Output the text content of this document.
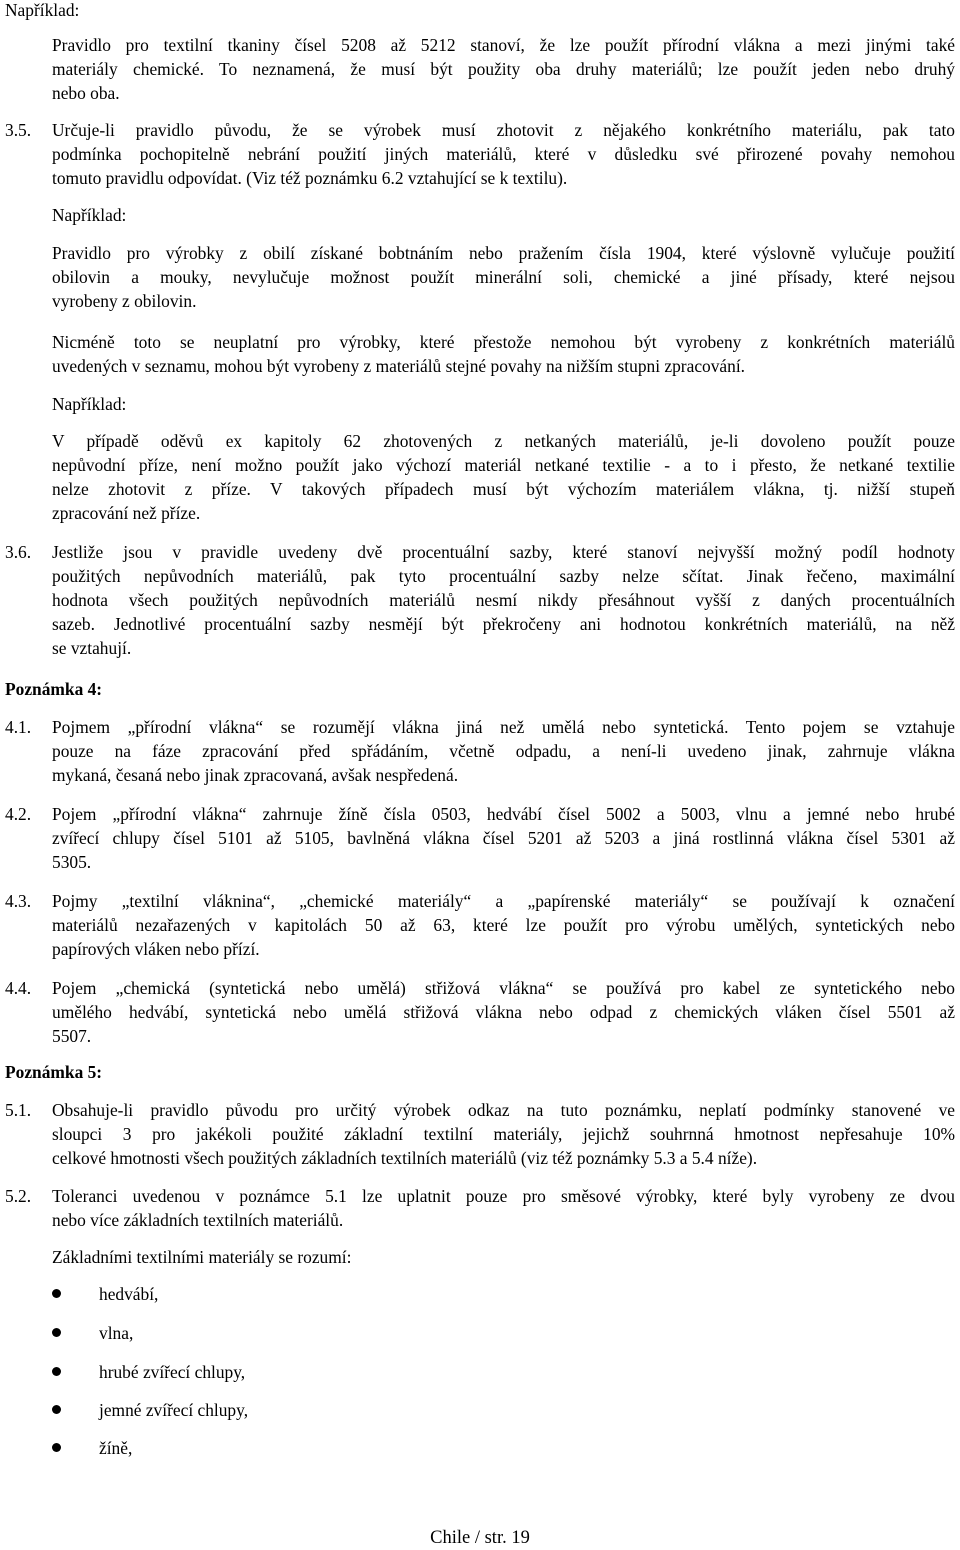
Například:
Pravidlo pro textilní tkaniny čísel 5208 až 5212 stanoví, že lze použít přírodní vlákna a mezi jinými také
materiály chemické. To neznamená, že musí být použity oba druhy materiálů; lze použít jeden nebo druhý
nebo oba.
3.5. Určuje-li pravidlo původu, že se výrobek musí zhotovit z nějakého konkrétního materiálu, pak tato
podmínka pochopitelně nebrání použití jiných materiálů, které v důsledku své přirozené povahy nemohou
tomuto pravidlu odpovídat. (Viz též poznámku 6.2 vztahující se k textilu).
Například:
Pravidlo pro výrobky z obilí získané bobtnáním nebo pražením čísla 1904, které výslovně vylučuje použití
obilovin a mouky, nevylučuje možnost použít minerální soli, chemické a jiné přísady, které nejsou
vyrobeny z obilovin.
Nicméně toto se neuplatní pro výrobky, které přestože nemohou být vyrobeny z konkrétních materiálů
uvedených v seznamu, mohou být vyrobeny z materiálů stejné povahy na nižším stupni zpracování.
Například:
V případě oděvů ex kapitoly 62 zhotovených z netkaných materiálů, je-li dovoleno použít pouze
nepůvodní příze, není možno použít jako výchozí materiál netkané textilie - a to i přesto, že netkané textilie
nelze zhotovit z příze. V takových případech musí být výchozím materiálem vlákna, tj. nižší stupeň
zpracování než příze.
3.6. Jestliže jsou v pravidle uvedeny dvě procentuální sazby, které stanoví nejvyšší možný podíl hodnoty
použitých nepůvodních materiálů, pak tyto procentuální sazby nelze sčítat. Jinak řečeno, maximální
hodnota všech použitých nepůvodních materiálů nesmí nikdy přesáhnout vyšší z daných procentuálních
sazeb. Jednotlivé procentuální sazby nesmějí být překročeny ani hodnotou konkrétních materiálů, na něž
se vztahují.
Poznámka 4:
4.1. Pojmem „přírodní vlákna“ se rozumějí vlákna jiná než umělá nebo syntetická. Tento pojem se vztahuje
pouze na fáze zpracování před spřádáním, včetně odpadu, a není-li uvedeno jinak, zahrnuje vlákna
mykaná, česaná nebo jinak zpracovaná, avšak nespředená.
4.2. Pojem „přírodní vlákna“ zahrnuje žíně čísla 0503, hedvábí čísel 5002 a 5003, vlnu a jemné nebo hrubé
zvířecí chlupy čísel 5101 až 5105, bavlněná vlákna čísel 5201 až 5203 a jiná rostlinná vlákna čísel 5301 až
5305.
4.3. Pojmy „textilní vláknina“, „chemické materiály“ a „papírenské materiály“ se používají k označení
materiálů nezařazených v kapitolách 50 až 63, které lze použít pro výrobu umělých, syntetických nebo
papírových vláken nebo přízí.
4.4. Pojem „chemická (syntetická nebo umělá) střižová vlákna“ se používá pro kabel ze syntetického nebo
umělého hedvábí, syntetická nebo umělá střižová vlákna nebo odpad z chemických vláken čísel 5501 až
5507.
Poznámka 5:
5.1. Obsahuje-li pravidlo původu pro určitý výrobek odkaz na tuto poznámku, neplatí podmínky stanovené ve
sloupci 3 pro jakékoli použité základní textilní materiály, jejichž souhrnná hmotnost nepřesahuje 10%
celkové hmotnosti všech použitých základních textilních materiálů (viz též poznámky 5.3 a 5.4 níže).
5.2. Toleranci uvedenou v poznámce 5.1 lze uplatnit pouze pro směsové výrobky, které byly vyrobeny ze dvou
nebo více základních textilních materiálů.
Základními textilními materiály se rozumí:
hedvábí,
vlna,
hrubé zvířecí chlupy,
jemné zvířecí chlupy,
žíně,
Chile / str. 19
